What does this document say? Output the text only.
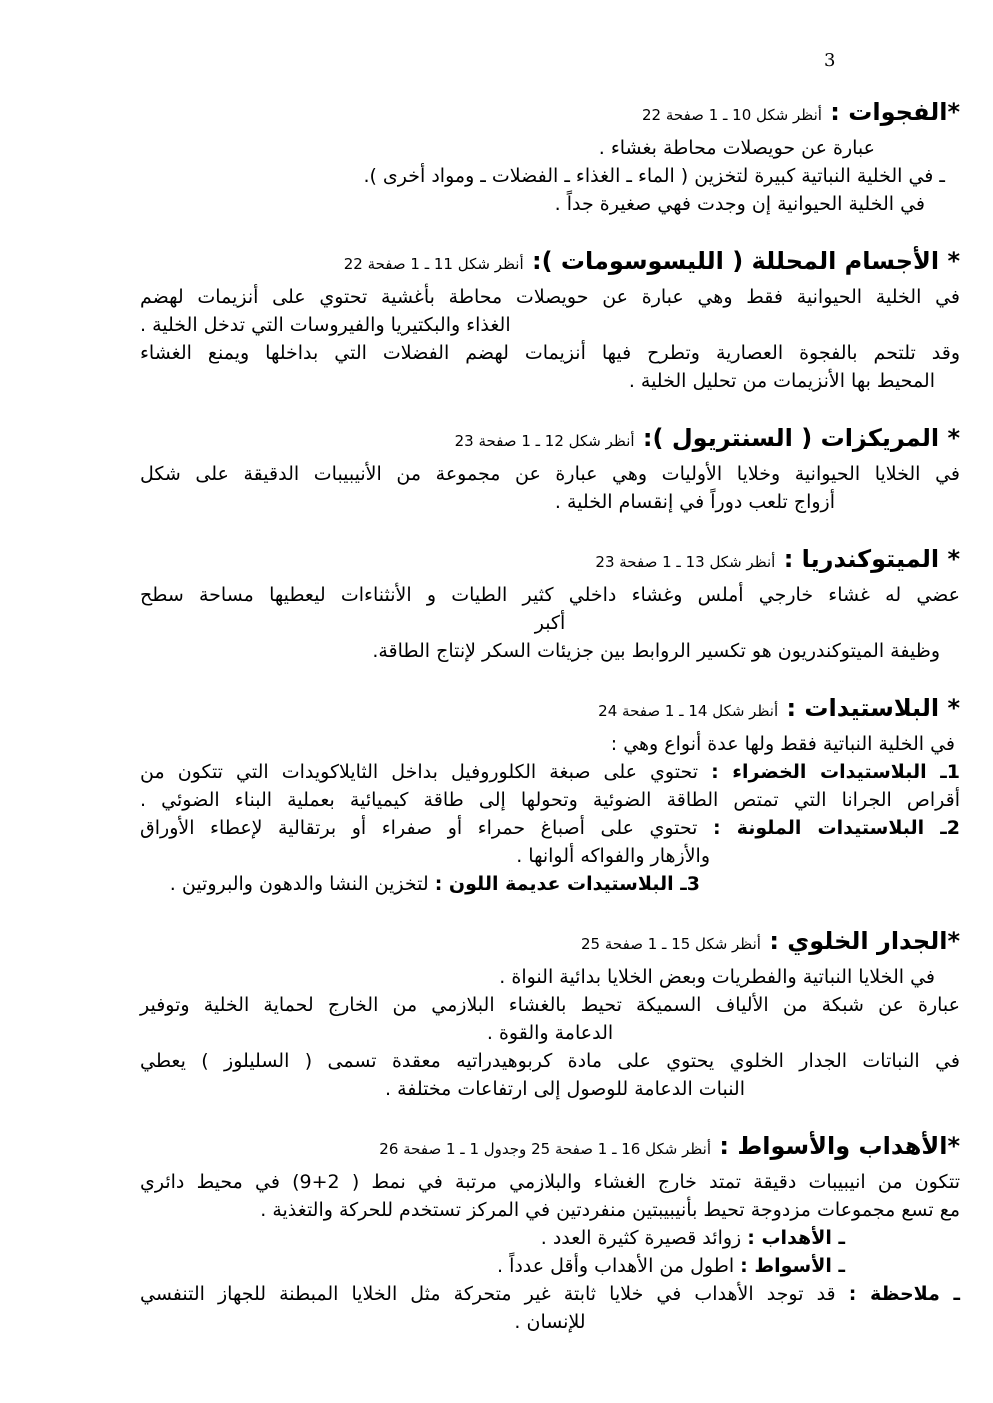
3
*الفجوات : أنظر شكل 10 ـ 1 صفحة 22

عبارة عن حويصلات محاطة بغشاء .

ـ في الخلية النباتية كبيرة لتخزين ( الماء ـ الغذاء ـ الفضلات ـ ومواد أخرى ).

في الخلية الحيوانية إن وجدت فهي صغيرة جداً .

* الأجسام المحللة ( الليسوسومات ): أنظر شكل 11 ـ 1 صفحة 22

في الخلية الحيوانية فقط وهي عبارة عن حويصلات محاطة بأغشية تحتوي على أنزيمات لهضم

الغذاء والبكتيريا والفيروسات التي تدخل الخلية .

وقد تلتحم بالفجوة العصارية وتطرح فيها أنزيمات لهضم الفضلات التي بداخلها ويمنع الغشاء

المحيط بها الأنزيمات من تحليل الخلية .

* المريكزات ( السنتريول ): أنظر شكل 12 ـ 1 صفحة 23

في الخلايا الحيوانية وخلايا الأوليات وهي عبارة عن مجموعة من الأنيبيبات الدقيقة على شكل

أزواج تلعب دوراً في إنقسام الخلية .

* الميتوكندريا : أنظر شكل 13 ـ 1 صفحة 23

عضي له غشاء خارجي أملس وغشاء داخلي كثير الطيات و الأنثناءات ليعطيها مساحة سطح

أكبر

وظيفة الميتوكندريون هو تكسير الروابط بين جزيئات السكر لإنتاج الطاقة.

* البلاستيدات : أنظر شكل 14 ـ 1 صفحة 24

في الخلية النباتية فقط ولها عدة أنواع وهي :

1ـ البلاستيدات الخضراء : تحتوي على صبغة الكلوروفيل بداخل الثايلاكويدات التي تتكون من

أقراص الجرانا التي تمتص الطاقة الضوئية وتحولها إلى طاقة كيميائية بعملية البناء الضوئي .

2ـ البلاستيدات الملونة : تحتوي على أصباغ حمراء أو صفراء أو برتقالية لإعطاء الأوراق

والأزهار والفواكه ألوانها .

3ـ البلاستيدات عديمة اللون : لتخزين النشا والدهون والبروتين .

*الجدار الخلوي : أنظر شكل 15 ـ 1 صفحة 25

في الخلايا النباتية والفطريات وبعض الخلايا بدائية النواة .

عبارة عن شبكة من الألياف السميكة تحيط بالغشاء البلازمي من الخارج لحماية الخلية وتوفير

الدعامة والقوة .

في النباتات الجدار الخلوي يحتوي على مادة كربوهيدراتيه معقدة تسمى ( السليلوز ) يعطي

النبات الدعامة للوصول إلى ارتفاعات مختلفة .

*الأهداب والأسواط : أنظر شكل 16 ـ 1 صفحة 25 وجدول 1 ـ 1 صفحة 26

تتكون من انيبيبات دقيقة تمتد خارج الغشاء والبلازمي مرتبة في نمط ( 2+9) في محيط دائري

مع تسع مجموعات مزدوجة تحيط بأنيبيبتين منفردتين في المركز تستخدم للحركة والتغذية .

ـ الأهداب : زوائد قصيرة كثيرة العدد .

ـ الأسواط : اطول من الأهداب وأقل عدداً .

ـ ملاحظة : قد توجد الأهداب في خلايا ثابتة غير متحركة مثل الخلايا المبطنة للجهاز التنفسي

للإنسان .
